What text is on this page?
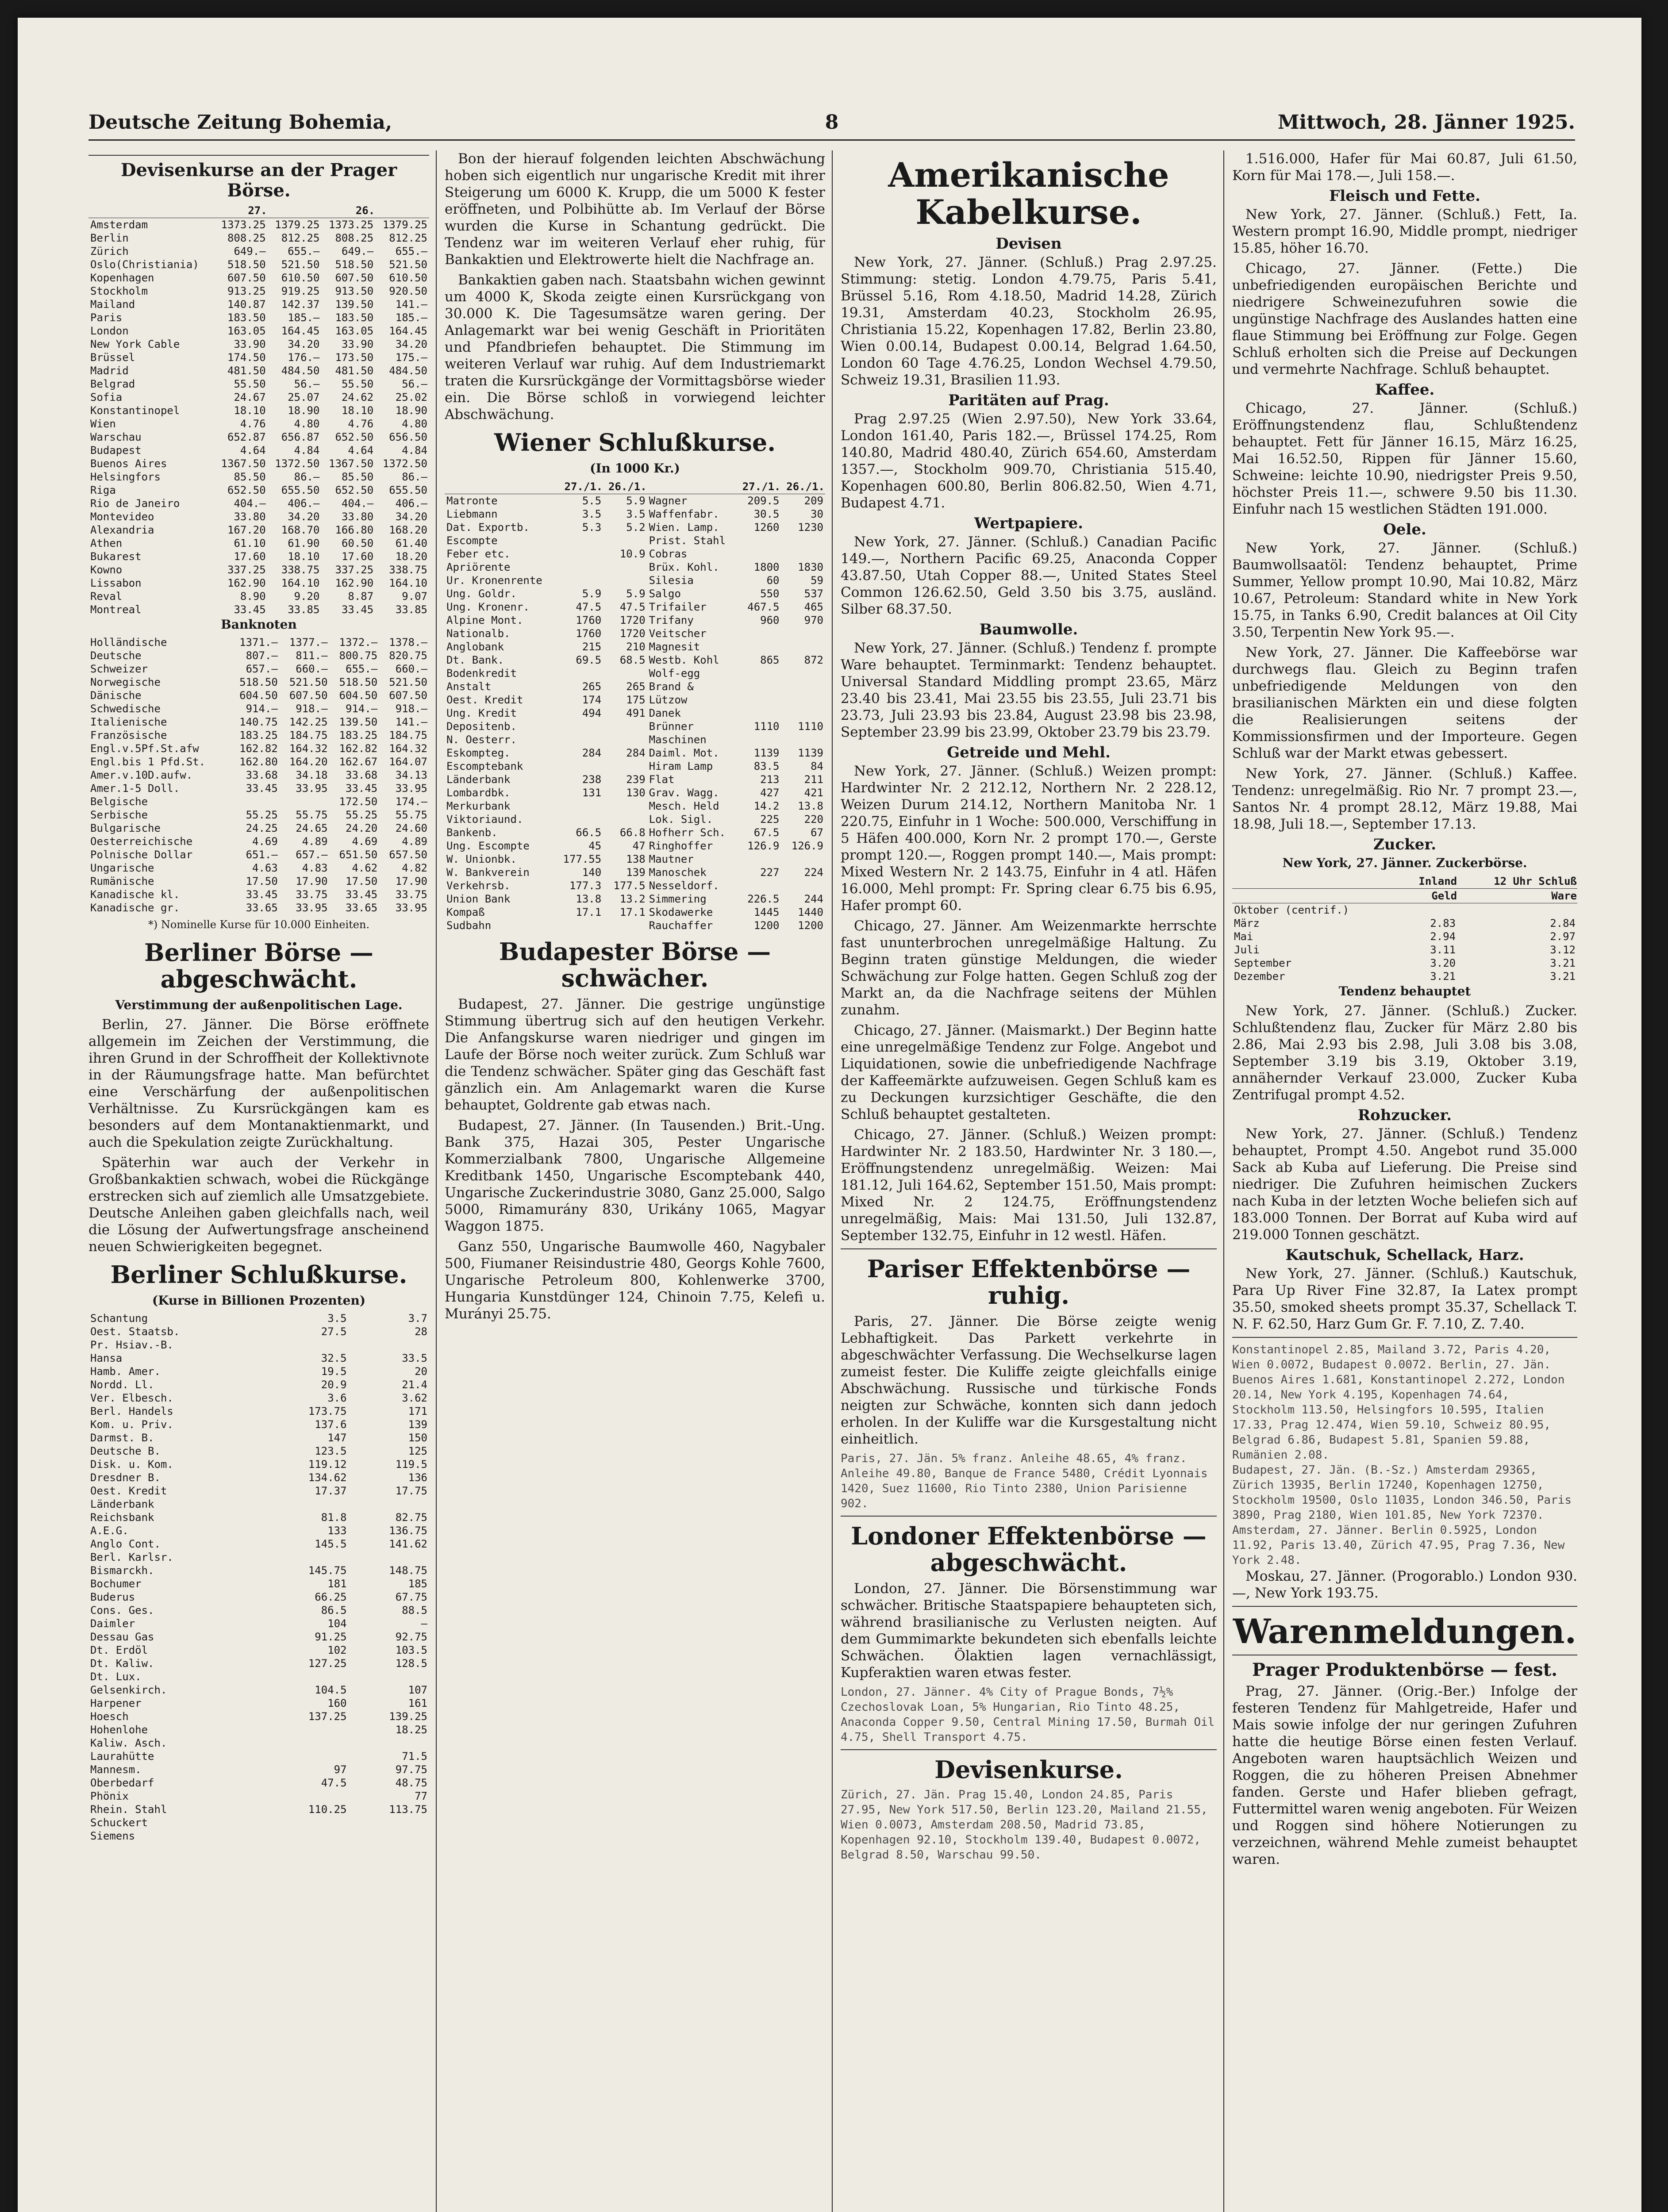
Deutsche Zeitung Bohemia,	8	Mittwoch, 28. Jänner 1925.
Devisenkurse an der Prager Börse.
	27.		26.	
Amsterdam	1373.25	1379.25	1373.25	1379.25
Berlin	808.25	812.25	808.25	812.25
Zürich	649.—	655.—	649.—	655.—
Oslo(Christiania)	518.50	521.50	518.50	521.50
Kopenhagen	607.50	610.50	607.50	610.50
Stockholm	913.25	919.25	913.50	920.50
Mailand	140.87	142.37	139.50	141.—
Paris	183.50	185.—	183.50	185.—
London	163.05	164.45	163.05	164.45
New York Cable	33.90	34.20	33.90	34.20
Brüssel	174.50	176.—	173.50	175.—
Madrid	481.50	484.50	481.50	484.50
Belgrad	55.50	56.—	55.50	56.—
Sofia	24.67	25.07	24.62	25.02
Konstantinopel	18.10	18.90	18.10	18.90
Wien	4.76	4.80	4.76	4.80
Warschau	652.87	656.87	652.50	656.50
Budapest	4.64	4.84	4.64	4.84
Buenos Aires	1367.50	1372.50	1367.50	1372.50
Helsingfors	85.50	86.—	85.50	86.—
Riga	652.50	655.50	652.50	655.50
Rio de Janeiro	404.—	406.—	404.—	406.—
Montevideo	33.80	34.20	33.80	34.20
Alexandria	167.20	168.70	166.80	168.20
Athen	61.10	61.90	60.50	61.40
Bukarest	17.60	18.10	17.60	18.20
Kowno	337.25	338.75	337.25	338.75
Lissabon	162.90	164.10	162.90	164.10
Reval	8.90	9.20	8.87	9.07
Montreal	33.45	33.85	33.45	33.85
Banknoten
Holländische	1371.—	1377.—	1372.—	1378.—
Deutsche	807.—	811.—	800.75	820.75
Schweizer	657.—	660.—	655.—	660.—
Norwegische	518.50	521.50	518.50	521.50
Dänische	604.50	607.50	604.50	607.50
Schwedische	914.—	918.—	914.—	918.—
Italienische	140.75	142.25	139.50	141.—
Französische	183.25	184.75	183.25	184.75
Engl.v.5Pf.St.afw	162.82	164.32	162.82	164.32
Engl.bis 1 Pfd.St.	162.80	164.20	162.67	164.07
Amer.v.10D.aufw.	33.68	34.18	33.68	34.13
Amer.1-5 Doll.	33.45	33.95	33.45	33.95
Belgische			172.50	174.—
Serbische	55.25	55.75	55.25	55.75
Bulgarische	24.25	24.65	24.20	24.60
Oesterreichische	4.69	4.89	4.69	4.89
Polnische Dollar	651.—	657.—	651.50	657.50
Ungarische	4.63	4.83	4.62	4.82
Rumänische	17.50	17.90	17.50	17.90
Kanadische kl.	33.45	33.75	33.45	33.75
Kanadische gr.	33.65	33.95	33.65	33.95
*) Nominelle Kurse für 10.000 Einheiten.
Berliner Börse — abgeschwächt.
Verstimmung der außenpolitischen Lage.

Berlin, 27. Jänner. Die Börse eröffnete allgemein im Zeichen der Verstimmung, die ihren Grund in der Schroffheit der Kollektivnote in der Räumungsfrage hatte. Man befürchtet eine Verschärfung der außenpolitischen Verhältnisse. Zu Kursrückgängen kam es besonders auf dem Montanaktienmarkt, und auch die Spekulation zeigte Zurückhaltung.

Späterhin war auch der Verkehr in Großbankaktien schwach, wobei die Rückgänge erstrecken sich auf ziemlich alle Umsatzgebiete. Deutsche Anleihen gaben gleichfalls nach, weil die Lösung der Aufwertungsfrage anscheinend neuen Schwierigkeiten begegnet.

Berliner Schlußkurse.
(Kurse in Billionen Prozenten)
Schantung	3.5	3.7
Oest. Staatsb.	27.5	28
Pr. Hsiav.-B.		
Hansa	32.5	33.5
Hamb. Amer.	19.5	20
Nordd. Ll.	20.9	21.4
Ver. Elbesch.	3.6	3.62
Berl. Handels	173.75	171
Kom. u. Priv.	137.6	139
Darmst. B.	147	150
Deutsche B.	123.5	125
Disk. u. Kom.	119.12	119.5
Dresdner B.	134.62	136
Oest. Kredit	17.37	17.75
Länderbank		
Reichsbank	81.8	82.75
A.E.G.	133	136.75
Anglo Cont.	145.5	141.62
Berl. Karlsr.		
Bismarckh.	145.75	148.75
Bochumer	181	185
Buderus	66.25	67.75
Cons. Ges.	86.5	88.5
Daimler	104	—
Dessau Gas	91.25	92.75
Dt. Erdöl	102	103.5
Dt. Kaliw.	127.25	128.5
Dt. Lux.		
Gelsenkirch.	104.5	107
Harpener	160	161
Hoesch	137.25	139.25
Hohenlohe		18.25
Kaliw. Asch.		
Laurahütte		71.5
Mannesm.	97	97.75
Oberbedarf	47.5	48.75
Phönix		77
Rhein. Stahl	110.25	113.75
Schuckert		
Siemens		

Bon der hierauf folgenden leichten Abschwächung hoben sich eigentlich nur ungarische Kredit mit ihrer Steigerung um 6000 K. Krupp, die um 5000 K fester eröffneten, und Polbihütte ab. Im Verlauf der Börse wurden die Kurse in Schantung gedrückt. Die Tendenz war im weiteren Verlauf eher ruhig, für Bankaktien und Elektrowerte hielt die Nachfrage an.

Bankaktien gaben nach. Staatsbahn wichen gewinnt um 4000 K, Skoda zeigte einen Kursrückgang von 30.000 K. Die Tagesumsätze waren gering. Der Anlagemarkt war bei wenig Geschäft in Prioritäten und Pfandbriefen behauptet. Die Stimmung im weiteren Verlauf war ruhig. Auf dem Industriemarkt traten die Kursrückgänge der Vormittagsbörse wieder ein. Die Börse schloß in vorwiegend leichter Abschwächung.

Wiener Schlußkurse.
(In 1000 Kr.)
	27./1.	26./1.		27./1.	26./1.
Matronte	5.5	5.9	Wagner	209.5	209
Liebmann	3.5	3.5	Waffenfabr.	30.5	30
Dat. Exportb.	5.3	5.2	Wien. Lamp.	1260	1230
Escompte			Prist. Stahl		
Feber etc.		10.9	Cobras		
Apriörente			Brüx. Kohl.	1800	1830
Ur. Kronenrente			Silesia	60	59
Ung. Goldr.	5.9	5.9	Salgo	550	537
Ung. Kronenr.	47.5	47.5	Trifailer	467.5	465
Alpine Mont.	1760	1720	Trifany	960	970
Nationalb.	1760	1720	Veitscher		
Anglobank	215	210	Magnesit		
Dt. Bank.	69.5	68.5	Westb. Kohl	865	872
Bodenkredit			Wolf-egg		
Anstalt	265	265	Brand &		
Oest. Kredit	174	175	Lützow		
Ung. Kredit	494	491	Danek		
Depositenb.			Brünner	1110	1110
N. Oesterr.			Maschinen		
Eskompteg.	284	284	Daiml. Mot.	1139	1139
Escomptebank			Hiram Lamp	83.5	84
Länderbank	238	239	Flat	213	211
Lombardbk.	131	130	Grav. Wagg.	427	421
Merkurbank			Mesch. Held	14.2	13.8
Viktoriaund.			Lok. Sigl.	225	220
Bankenb.	66.5	66.8	Hofherr Sch.	67.5	67
Ung. Escompte	45	47	Ringhoffer	126.9	126.9
W. Unionbk.	177.55	138	Mautner		
W. Bankverein	140	139	Manoschek	227	224
Verkehrsb.	177.3	177.5	Nesseldorf.		
Union Bank	13.8	13.2	Simmering	226.5	244
Kompaß	17.1	17.1	Skodawerke	1445	1440
Sudbahn			Rauchaffer	1200	1200
Budapester Börse — schwächer.

Budapest, 27. Jänner. Die gestrige ungünstige Stimmung übertrug sich auf den heutigen Verkehr. Die Anfangskurse waren niedriger und gingen im Laufe der Börse noch weiter zurück. Zum Schluß war die Tendenz schwächer. Später ging das Geschäft fast gänzlich ein. Am Anlagemarkt waren die Kurse behauptet, Goldrente gab etwas nach.

Budapest, 27. Jänner. (In Tausenden.) Brit.-Ung. Bank 375, Hazai 305, Pester Ungarische Kommerzialbank 7800, Ungarische Allgemeine Kreditbank 1450, Ungarische Escomptebank 440, Ungarische Zuckerindustrie 3080, Ganz 25.000, Salgo 5000, Rimamurány 830, Urikány 1065, Magyar Waggon 1875.

Ganz 550, Ungarische Baumwolle 460, Nagybaler 500, Fiumaner Reisindustrie 480, Georgs Kohle 7600, Ungarische Petroleum 800, Kohlenwerke 3700, Hungaria Kunstdünger 124, Chinoin 7.75, Kelefi u. Murányi 25.75.

Amerikanische Kabelkurse.
Devisen

New York, 27. Jänner. (Schluß.) Prag 2.97.25. Stimmung: stetig. London 4.79.75, Paris 5.41, Brüssel 5.16, Rom 4.18.50, Madrid 14.28, Zürich 19.31, Amsterdam 40.23, Stockholm 26.95, Christiania 15.22, Kopenhagen 17.82, Berlin 23.80, Wien 0.00.14, Budapest 0.00.14, Belgrad 1.64.50, London 60 Tage 4.76.25, London Wechsel 4.79.50, Schweiz 19.31, Brasilien 11.93.

Paritäten auf Prag.

Prag 2.97.25 (Wien 2.97.50), New York 33.64, London 161.40, Paris 182.—, Brüssel 174.25, Rom 140.80, Madrid 480.40, Zürich 654.60, Amsterdam 1357.—, Stockholm 909.70, Christiania 515.40, Kopenhagen 600.80, Berlin 806.82.50, Wien 4.71, Budapest 4.71.

Wertpapiere.

New York, 27. Jänner. (Schluß.) Canadian Pacific 149.—, Northern Pacific 69.25, Anaconda Copper 43.87.50, Utah Copper 88.—, United States Steel Common 126.62.50, Geld 3.50 bis 3.75, ausländ. Silber 68.37.50.

Baumwolle.

New York, 27. Jänner. (Schluß.) Tendenz f. prompte Ware behauptet. Terminmarkt: Tendenz behauptet. Universal Standard Middling prompt 23.65, März 23.40 bis 23.41, Mai 23.55 bis 23.55, Juli 23.71 bis 23.73, Juli 23.93 bis 23.84, August 23.98 bis 23.98, September 23.99 bis 23.99, Oktober 23.79 bis 23.79.

Getreide und Mehl.

New York, 27. Jänner. (Schluß.) Weizen prompt: Hardwinter Nr. 2 212.12, Northern Nr. 2 228.12, Weizen Durum 214.12, Northern Manitoba Nr. 1 220.75, Einfuhr in 1 Woche: 500.000, Verschiffung in 5 Häfen 400.000, Korn Nr. 2 prompt 170.—, Gerste prompt 120.—, Roggen prompt 140.—, Mais prompt: Mixed Western Nr. 2 143.75, Einfuhr in 4 atl. Häfen 16.000, Mehl prompt: Fr. Spring clear 6.75 bis 6.95, Hafer prompt 60.

Chicago, 27. Jänner. Am Weizenmarkte herrschte fast ununterbrochen unregelmäßige Haltung. Zu Beginn traten günstige Meldungen, die wieder Schwächung zur Folge hatten. Gegen Schluß zog der Markt an, da die Nachfrage seitens der Mühlen zunahm.

Chicago, 27. Jänner. (Maismarkt.) Der Beginn hatte eine unregelmäßige Tendenz zur Folge. Angebot und Liquidationen, sowie die unbefriedigende Nachfrage der Kaffeemärkte aufzuweisen. Gegen Schluß kam es zu Deckungen kurzsichtiger Geschäfte, die den Schluß behauptet gestalteten.

Chicago, 27. Jänner. (Schluß.) Weizen prompt: Hardwinter Nr. 2 183.50, Hardwinter Nr. 3 180.—, Eröffnungstendenz unregelmäßig. Weizen: Mai 181.12, Juli 164.62, September 151.50, Mais prompt: Mixed Nr. 2 124.75, Eröffnungstendenz unregelmäßig, Mais: Mai 131.50, Juli 132.87, September 132.75, Einfuhr in 12 westl. Häfen.

Pariser Effektenbörse — ruhig.

Paris, 27. Jänner. Die Börse zeigte wenig Lebhaftigkeit. Das Parkett verkehrte in abgeschwächter Verfassung. Die Wechselkurse lagen zumeist fester. Die Kuliffe zeigte gleichfalls einige Abschwächung. Russische und türkische Fonds neigten zur Schwäche, konnten sich dann jedoch erholen. In der Kuliffe war die Kursgestaltung nicht einheitlich.

Paris, 27. Jän. 5% franz. Anleihe 48.65, 4% franz. Anleihe 49.80, Banque de France 5480, Crédit Lyonnais 1420, Suez 11600, Rio Tinto 2380, Union Parisienne 902.
Londoner Effektenbörse — abgeschwächt.

London, 27. Jänner. Die Börsenstimmung war schwächer. Britische Staatspapiere behaupteten sich, während brasilianische zu Verlusten neigten. Auf dem Gummimarkte bekundeten sich ebenfalls leichte Schwächen. Ölaktien lagen vernachlässigt, Kupferaktien waren etwas fester.

London, 27. Jänner. 4% City of Prague Bonds, 7½% Czechoslovak Loan, 5% Hungarian, Rio Tinto 48.25, Anaconda Copper 9.50, Central Mining 17.50, Burmah Oil 4.75, Shell Transport 4.75.
Devisenkurse.
Zürich, 27. Jän. Prag 15.40, London 24.85, Paris 27.95, New York 517.50, Berlin 123.20, Mailand 21.55, Wien 0.0073, Amsterdam 208.50, Madrid 73.85, Kopenhagen 92.10, Stockholm 139.40, Budapest 0.0072, Belgrad 8.50, Warschau 99.50.

1.516.000, Hafer für Mai 60.87, Juli 61.50, Korn für Mai 178.—, Juli 158.—.

Fleisch und Fette.

New York, 27. Jänner. (Schluß.) Fett, Ia. Western prompt 16.90, Middle prompt, niedriger 15.85, höher 16.70.

Chicago, 27. Jänner. (Fette.) Die unbefriedigenden europäischen Berichte und niedrigere Schweinezufuhren sowie die ungünstige Nachfrage des Auslandes hatten eine flaue Stimmung bei Eröffnung zur Folge. Gegen Schluß erholten sich die Preise auf Deckungen und vermehrte Nachfrage. Schluß behauptet.

Kaffee.

Chicago, 27. Jänner. (Schluß.) Eröffnungstendenz flau, Schlußtendenz behauptet. Fett für Jänner 16.15, März 16.25, Mai 16.52.50, Rippen für Jänner 15.60, Schweine: leichte 10.90, niedrigster Preis 9.50, höchster Preis 11.—, schwere 9.50 bis 11.30. Einfuhr nach 15 westlichen Städten 191.000.

Oele.

New York, 27. Jänner. (Schluß.) Baumwollsaatöl: Tendenz behauptet, Prime Summer, Yellow prompt 10.90, Mai 10.82, März 10.67, Petroleum: Standard white in New York 15.75, in Tanks 6.90, Credit balances at Oil City 3.50, Terpentin New York 95.—.

New York, 27. Jänner. Die Kaffeebörse war durchwegs flau. Gleich zu Beginn trafen unbefriedigende Meldungen von den brasilianischen Märkten ein und diese folgten die Realisierungen seitens der Kommissionsfirmen und der Importeure. Gegen Schluß war der Markt etwas gebessert.

New York, 27. Jänner. (Schluß.) Kaffee. Tendenz: unregelmäßig. Rio Nr. 7 prompt 23.—, Santos Nr. 4 prompt 28.12, März 19.88, Mai 18.98, Juli 18.—, September 17.13.

Zucker.
New York, 27. Jänner. Zuckerbörse.
	Inland	12 Uhr Schluß
	Geld	Ware
Oktober (centrif.)		
März	2.83	2.84
Mai	2.94	2.97
Juli	3.11	3.12
September	3.20	3.21
Dezember	3.21	3.21
Tendenz behauptet

New York, 27. Jänner. (Schluß.) Zucker. Schlußtendenz flau, Zucker für März 2.80 bis 2.86, Mai 2.93 bis 2.98, Juli 3.08 bis 3.08, September 3.19 bis 3.19, Oktober 3.19, annähernder Verkauf 23.000, Zucker Kuba Zentrifugal prompt 4.52.

Rohzucker.

New York, 27. Jänner. (Schluß.) Tendenz behauptet, Prompt 4.50. Angebot rund 35.000 Sack ab Kuba auf Lieferung. Die Preise sind niedriger. Die Zufuhren heimischen Zuckers nach Kuba in der letzten Woche beliefen sich auf 183.000 Tonnen. Der Borrat auf Kuba wird auf 219.000 Tonnen geschätzt.

Kautschuk, Schellack, Harz.

New York, 27. Jänner. (Schluß.) Kautschuk, Para Up River Fine 32.87, Ia Latex prompt 35.50, smoked sheets prompt 35.37, Schellack T. N. F. 62.50, Harz Gum Gr. F. 7.10, Z. 7.40.

Konstantinopel 2.85, Mailand 3.72, Paris 4.20, Wien 0.0072, Budapest 0.0072. Berlin, 27. Jän. Buenos Aires 1.681, Konstantinopel 2.272, London 20.14, New York 4.195, Kopenhagen 74.64, Stockholm 113.50, Helsingfors 10.595, Italien 17.33, Prag 12.474, Wien 59.10, Schweiz 80.95, Belgrad 6.86, Budapest 5.81, Spanien 59.88, Rumänien 2.08.
Budapest, 27. Jän. (B.-Sz.) Amsterdam 29365, Zürich 13935, Berlin 17240, Kopenhagen 12750, Stockholm 19500, Oslo 11035, London 346.50, Paris 3890, Prag 2180, Wien 101.85, New York 72370.
Amsterdam, 27. Jänner. Berlin 0.5925, London 11.92, Paris 13.40, Zürich 47.95, Prag 7.36, New York 2.48.

Moskau, 27. Jänner. (Progorablo.) London 930.—, New York 193.75.

Warenmeldungen.
Prager Produktenbörse — fest.

Prag, 27. Jänner. (Orig.-Ber.) Infolge der festeren Tendenz für Mahlgetreide, Hafer und Mais sowie infolge der nur geringen Zufuhren hatte die heutige Börse einen festen Verlauf. Angeboten waren hauptsächlich Weizen und Roggen, die zu höheren Preisen Abnehmer fanden. Gerste und Hafer blieben gefragt, Futtermittel waren wenig angeboten. Für Weizen und Roggen sind höhere Notierungen zu verzeichnen, während Mehle zumeist behauptet waren.
